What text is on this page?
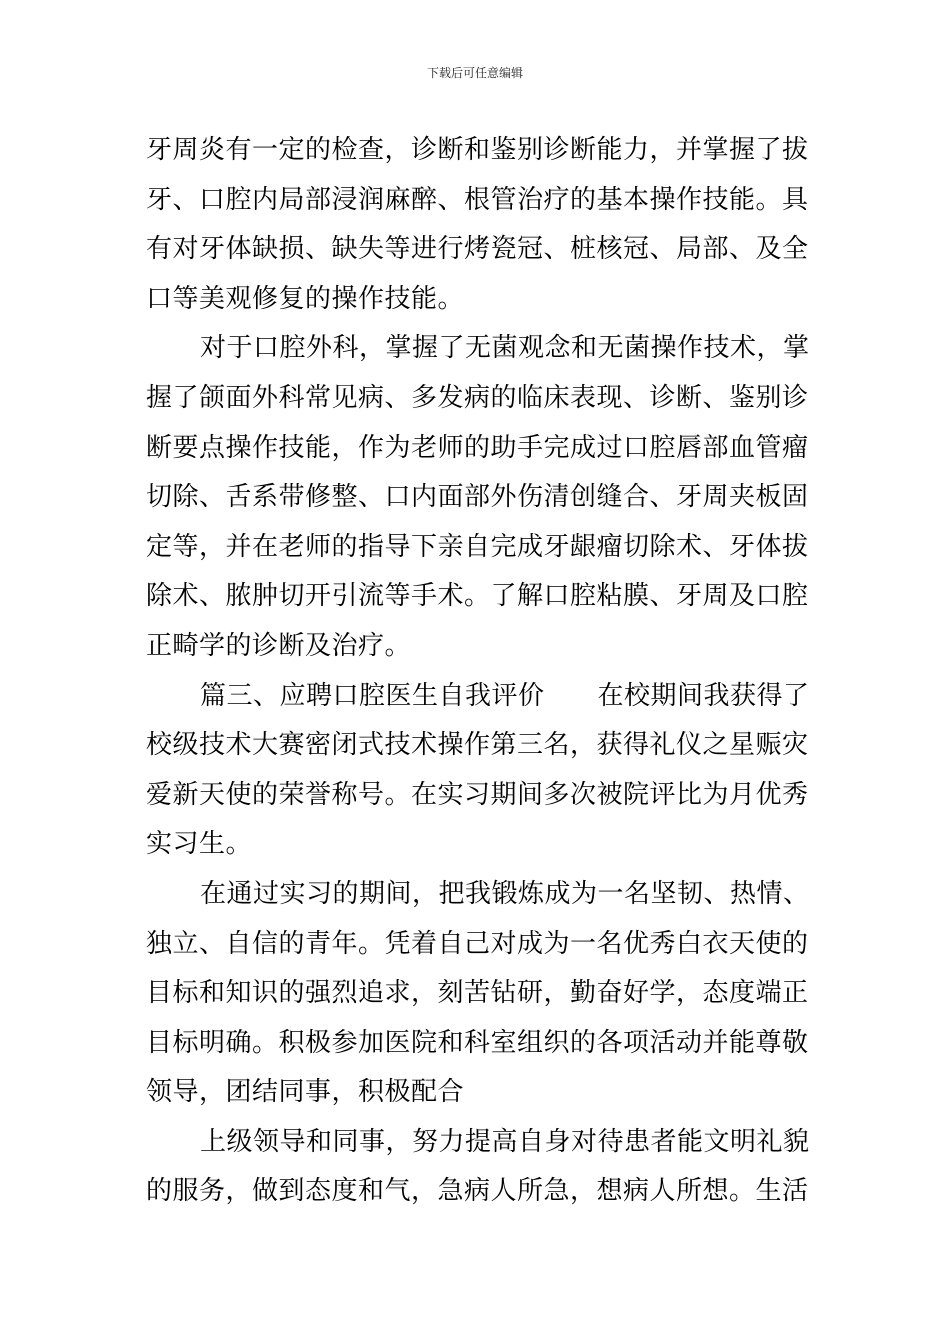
下载后可任意编辑
牙周炎有一定的检查，诊断和鉴别诊断能力，并掌握了拔
牙、口腔内局部浸润麻醉、根管治疗的基本操作技能。具
有对牙体缺损、缺失等进行烤瓷冠、桩核冠、局部、及全
口等美观修复的操作技能。
对于口腔外科，掌握了无菌观念和无菌操作技术，掌
握了颌面外科常见病、多发病的临床表现、诊断、鉴别诊
断要点操作技能，作为老师的助手完成过口腔唇部血管瘤
切除、舌系带修整、口内面部外伤清创缝合、牙周夹板固
定等，并在老师的指导下亲自完成牙龈瘤切除术、牙体拔
除术、脓肿切开引流等手术。了解口腔粘膜、牙周及口腔
正畸学的诊断及治疗。
篇三、应聘口腔医生自我评价　　在校期间我获得了
校级技术大赛密闭式技术操作第三名，获得礼仪之星赈灾
爱新天使的荣誉称号。在实习期间多次被院评比为月优秀
实习生。
在通过实习的期间，把我锻炼成为一名坚韧、热情、
独立、自信的青年。凭着自己对成为一名优秀白衣天使的
目标和知识的强烈追求，刻苦钻研，勤奋好学，态度端正
目标明确。积极参加医院和科室组织的各项活动并能尊敬
领导，团结同事，积极配合
上级领导和同事，努力提高自身对待患者能文明礼貌
的服务，做到态度和气，急病人所急，想病人所想。生活
